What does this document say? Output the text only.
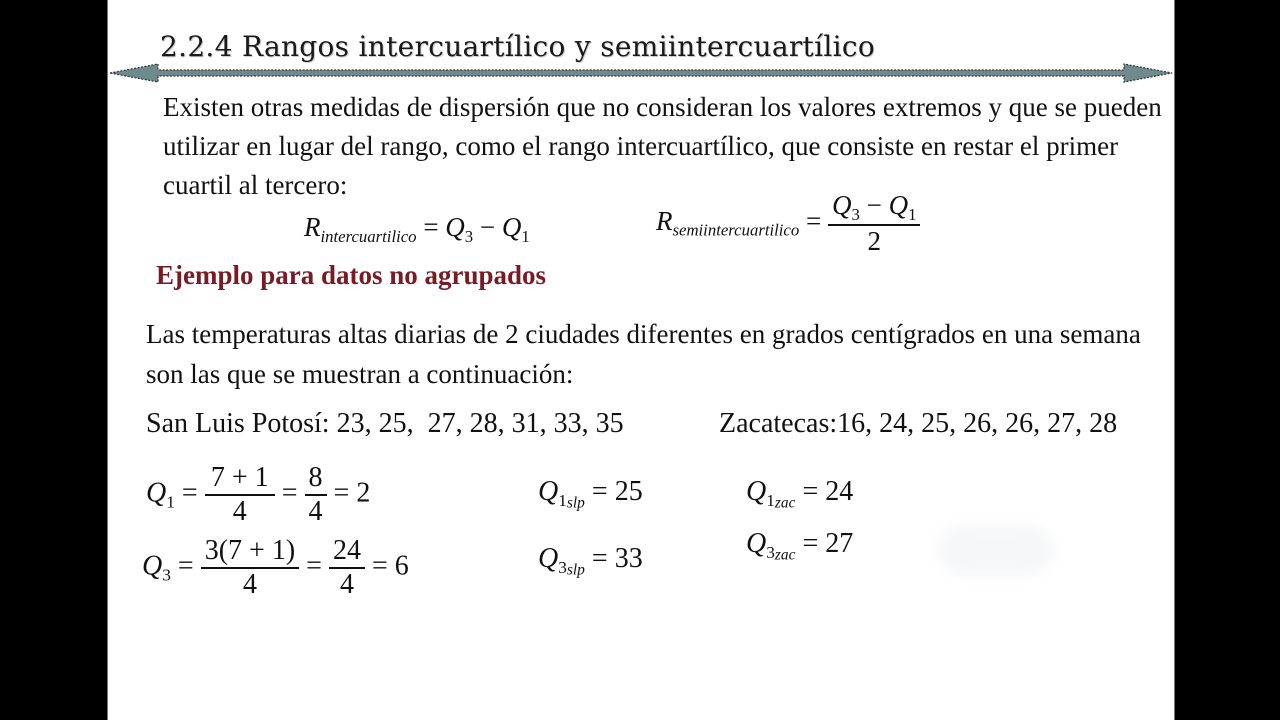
2.2.4 Rangos intercuartílico y semiintercuartílico
Existen otras medidas de dispersión que no consideran los valores extremos y que se pueden utilizar en lugar del rango, como el rango intercuartílico, que consiste en restar el primer cuartil al tercero:
$R_{intercuartilico} = Q_3 - Q_1$
$R_{semiintercuartilico} = \frac{Q_3 - Q_1}{2}$
Ejemplo para datos no agrupados
Las temperaturas altas diarias de 2 ciudades diferentes en grados centígrados en una semana son las que se muestran a continuación:
San Luis Potosí: 23, 25,  27, 28, 31, 33, 35	Zacatecas:16, 24, 25, 26, 26, 27, 28
$Q_1 = \frac{7 + 1}{4} = \frac{8}{4} = 2$
$Q_3 = \frac{3(7 + 1)}{4} = \frac{24}{4} = 6$
$Q_{1slp} = 25$
$Q_{3slp} = 33$
$Q_{1zac} = 24$
$Q_{3zac} = 27$
